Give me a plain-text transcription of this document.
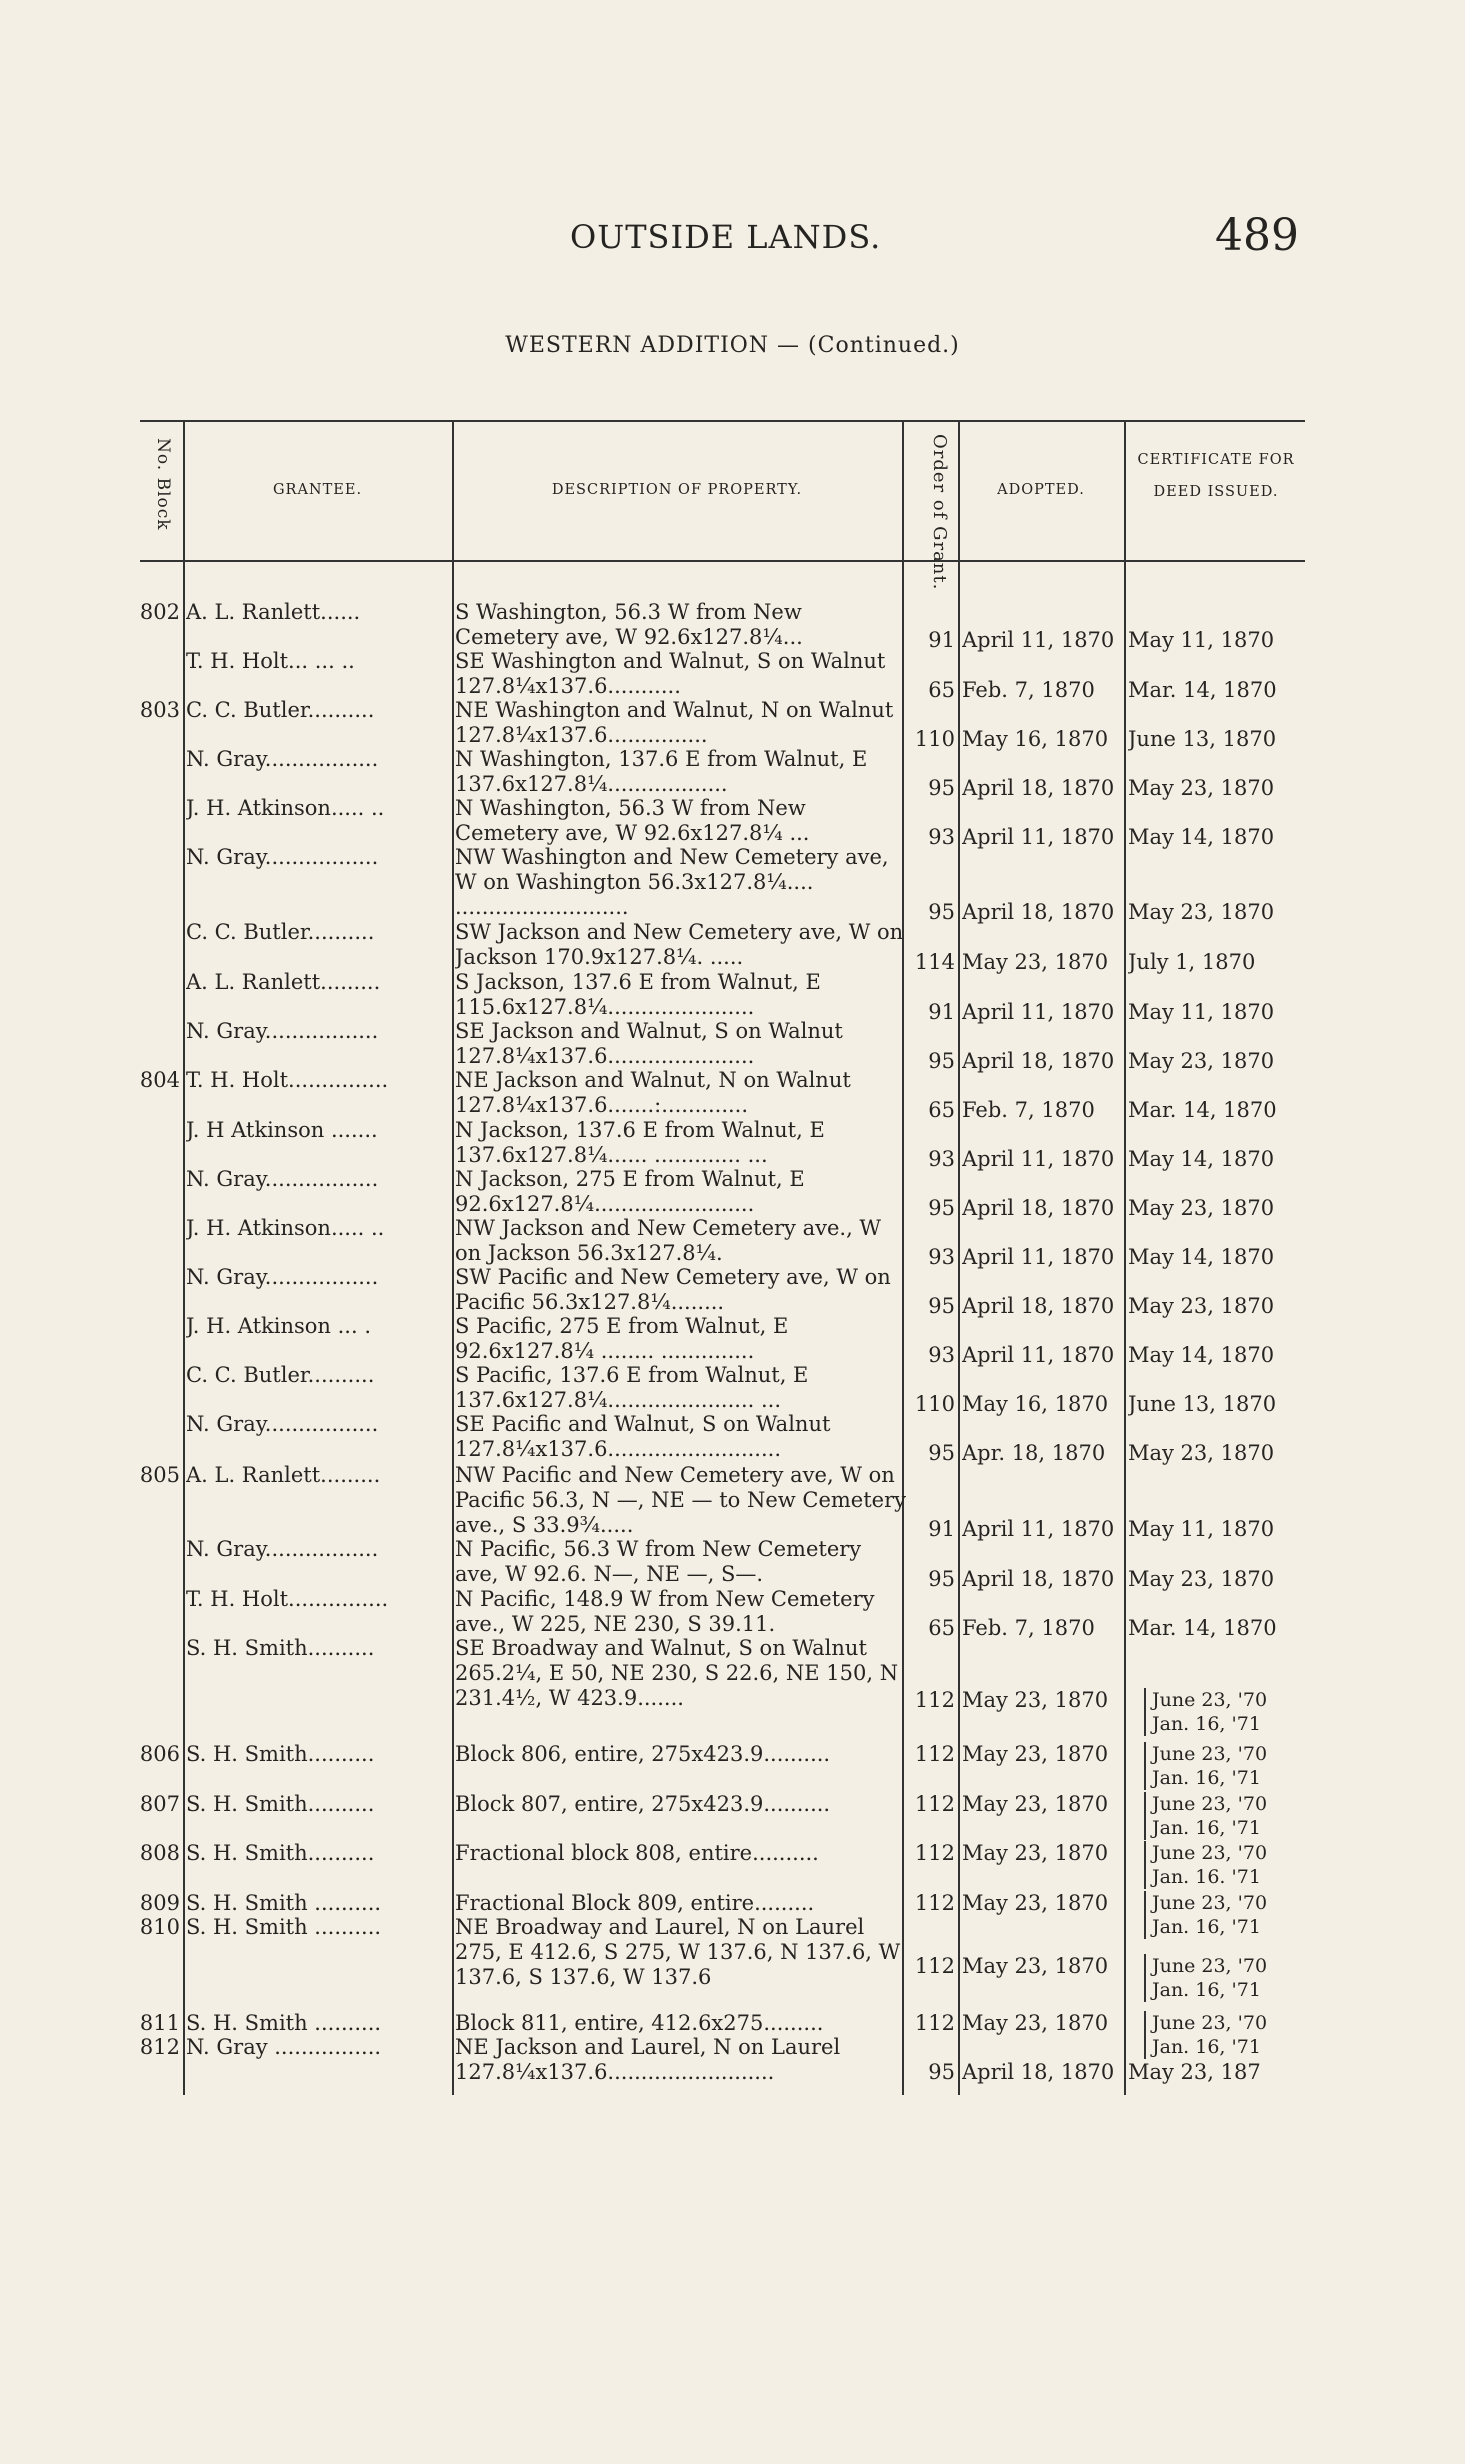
OUTSIDE LANDS.	489
WESTERN ADDITION — (Continued.)
No. Block	GRANTEE.	DESCRIPTION OF PROPERTY.	Order of Grant.	ADOPTED.
CERTIFICATE FOR DEED ISSUED.
802 A. L. Ranlett......	S Washington, 56.3 W from New Cemetery ave, W 92.6x127.8¼...	91 April 11, 1870 May 11, 1870
T. H. Holt... ... ..	SE Washington and Walnut, S on Walnut 127.8¼x137.6...........	65 Feb. 7, 1870	Mar. 14, 1870
803 C. C. Butler..........	NE Washington and Walnut, N on Walnut 127.8¼x137.6...............	110 May 16, 1870 June 13, 1870
N. Gray.................	N Washington, 137.6 E from Walnut, E 137.6x127.8¼..................	95 April 18, 1870 May 23, 1870
J. H. Atkinson..... ..	N Washington, 56.3 W from New Cemetery ave, W 92.6x127.8¼ ...	93 April 11, 1870 May 14, 1870
N. Gray.................	NW Washington and New Cemetery ave, W on Washington 56.3x127.8¼.... ..........................	95 April 18, 1870 May 23, 1870
C. C. Butler..........	SW Jackson and New Cemetery ave, W on Jackson 170.9x127.8¼. .....	114 May 23, 1870 July 1, 1870
A. L. Ranlett.........	S Jackson, 137.6 E from Walnut, E 115.6x127.8¼......................	91 April 11, 1870 May 11, 1870
N. Gray.................	SE Jackson and Walnut, S on Walnut 127.8¼x137.6......................	95 April 18, 1870 May 23, 1870
804 T. H. Holt...............	NE Jackson and Walnut, N on Walnut 127.8¼x137.6.......:.............	65 Feb. 7, 1870	Mar. 14, 1870
J. H Atkinson .......	N Jackson, 137.6 E from Walnut, E 137.6x127.8¼...... ............. ...	93 April 11, 1870 May 14, 1870
N. Gray.................	N Jackson, 275 E from Walnut, E 92.6x127.8¼........................	95 April 18, 1870 May 23, 1870
J. H. Atkinson..... ..	NW Jackson and New Cemetery ave., W on Jackson 56.3x127.8¼.	93 April 11, 1870 May 14, 1870
N. Gray.................	SW Pacific and New Cemetery ave, W on Pacific 56.3x127.8¼........	95 April 18, 1870 May 23, 1870
J. H. Atkinson ... .	S Pacific, 275 E from Walnut, E 92.6x127.8¼ ........ ..............	93 April 11, 1870 May 14, 1870
C. C. Butler..........	S Pacific, 137.6 E from Walnut, E 137.6x127.8¼...................... ...	110 May 16, 1870 June 13, 1870
N. Gray.................	SE Pacific and Walnut, S on Walnut 127.8¼x137.6..........................	95 Apr. 18, 1870	May 23, 1870
805 A. L. Ranlett.........	NW Pacific and New Cemetery ave, W on Pacific 56.3, N —, NE — to New Cemetery ave., S 33.9¾.....	91 April 11, 1870 May 11, 1870
N. Gray.................	N Pacific, 56.3 W from New Cemetery ave, W 92.6. N—, NE —, S—.	95 April 18, 1870 May 23, 1870
T. H. Holt...............	N Pacific, 148.9 W from New Cemetery ave., W 225, NE 230, S 39.11.	65 Feb. 7, 1870	Mar. 14, 1870
S. H. Smith..........	SE Broadway and Walnut, S on Walnut 265.2¼, E 50, NE 230, S 22.6, NE 150, N 231.4½, W 423.9.......	112 May 23, 1870	June 23, '70
Jan. 16, '71
806 S. H. Smith..........	Block 806, entire, 275x423.9..........	112 May 23, 1870	June 23, '70
Jan. 16, '71
807 S. H. Smith..........	Block 807, entire, 275x423.9..........	112 May 23, 1870	June 23, '70
Jan. 16, '71
808 S. H. Smith..........	Fractional block 808, entire..........	112 May 23, 1870	June 23, '70
Jan. 16. '71
809 S. H. Smith ..........	Fractional Block 809, entire.........	112 May 23, 1870	June 23, '70
Jan. 16, '71
810 S. H. Smith ..........	NE Broadway and Laurel, N on Laurel 275, E 412.6, S 275, W 137.6, N 137.6, W 137.6, S 137.6, W 137.6	112 May 23, 1870	June 23, '70
Jan. 16, '71
811 S. H. Smith ..........	Block 811, entire, 412.6x275.........	112 May 23, 1870	June 23, '70
Jan. 16, '71
812 N. Gray ................	NE Jackson and Laurel, N on Laurel 127.8¼x137.6.........................	95 April 18, 1870 May 23, 187
